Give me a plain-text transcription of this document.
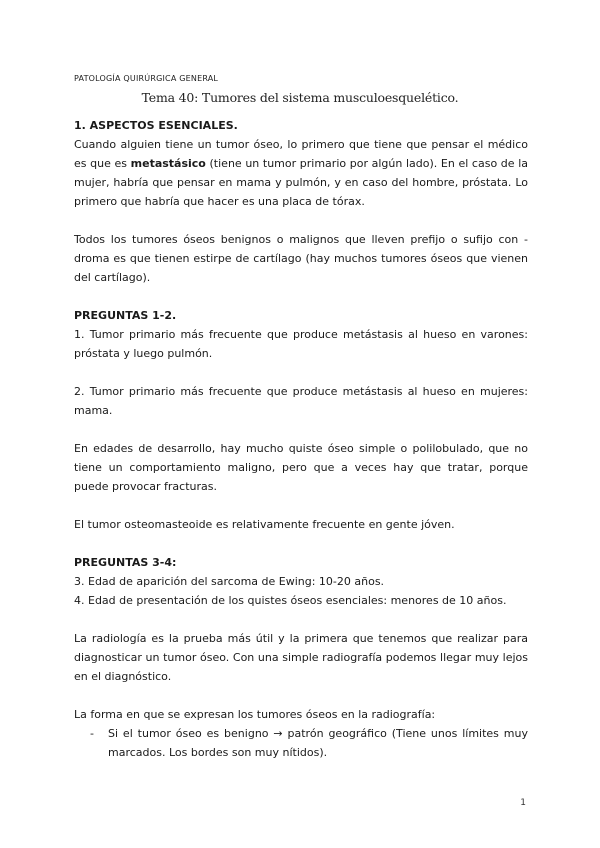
PATOLOGÍA QUIRÚRGICA GENERAL
Tema 40: Tumores del sistema musculoesquelético.

1. ASPECTOS ESENCIALES.

Cuando alguien tiene un tumor óseo, lo primero que tiene que pensar el médico es que es metastásico (tiene un tumor primario por algún lado). En el caso de la mujer, habría que pensar en mama y pulmón, y en caso del hombre, próstata. Lo primero que habría que hacer es una placa de tórax.

Todos los tumores óseos benignos o malignos que lleven prefijo o sufijo con -droma es que tienen estirpe de cartílago (hay muchos tumores óseos que vienen del cartílago).

PREGUNTAS 1-2.

1. Tumor primario más frecuente que produce metástasis al hueso en varones: próstata y luego pulmón.

2. Tumor primario más frecuente que produce metástasis al hueso en mujeres: mama.

En edades de desarrollo, hay mucho quiste óseo simple o polilobulado, que no tiene un comportamiento maligno, pero que a veces hay que tratar, porque puede provocar fracturas.

El tumor osteomasteoide es relativamente frecuente en gente jóven.

PREGUNTAS 3-4:

3. Edad de aparición del sarcoma de Ewing: 10-20 años.

4. Edad de presentación de los quistes óseos esenciales: menores de 10 años.

La radiología es la prueba más útil y la primera que tenemos que realizar para diagnosticar un tumor óseo. Con una simple radiografía podemos llegar muy lejos en el diagnóstico.

La forma en que se expresan los tumores óseos en la radiografía:

- Si el tumor óseo es benigno → patrón geográfico (Tiene unos límites muy marcados. Los bordes son muy nítidos).
1
